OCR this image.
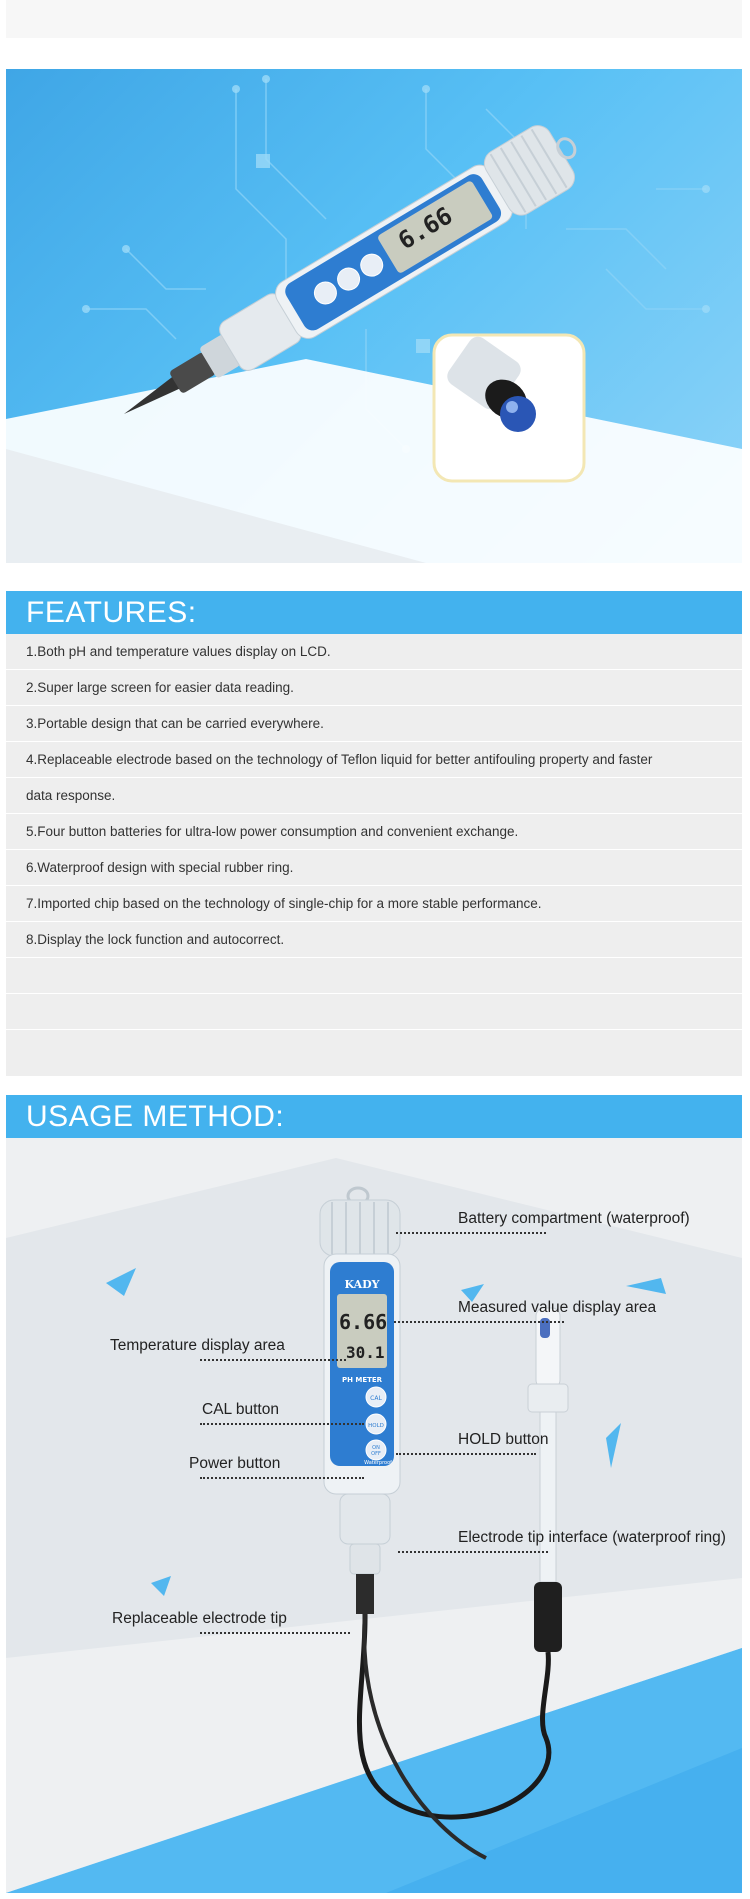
6.66
FEATURES:
1.Both pH and temperature values display on LCD.
2.Super large screen for easier data reading.
3.Portable design that can be carried everywhere.
4.Replaceable electrode based on the technology of Teflon liquid for better antifouling property and faster
data response.
5.Four button batteries for ultra-low power consumption and convenient exchange.
6.Waterproof design with special rubber ring.
7.Imported chip based on the technology of single-chip for a more stable performance.
8.Display the lock function and autocorrect.
USAGE METHOD:
KADY
6.66
30.1
PH METER
CAL
HOLD
ON
OFF
Waterproof
Battery compartment (waterproof)
Measured value display area
Temperature display area
CAL button
HOLD button
Power button
Electrode tip interface (waterproof ring)
Replaceable electrode tip
